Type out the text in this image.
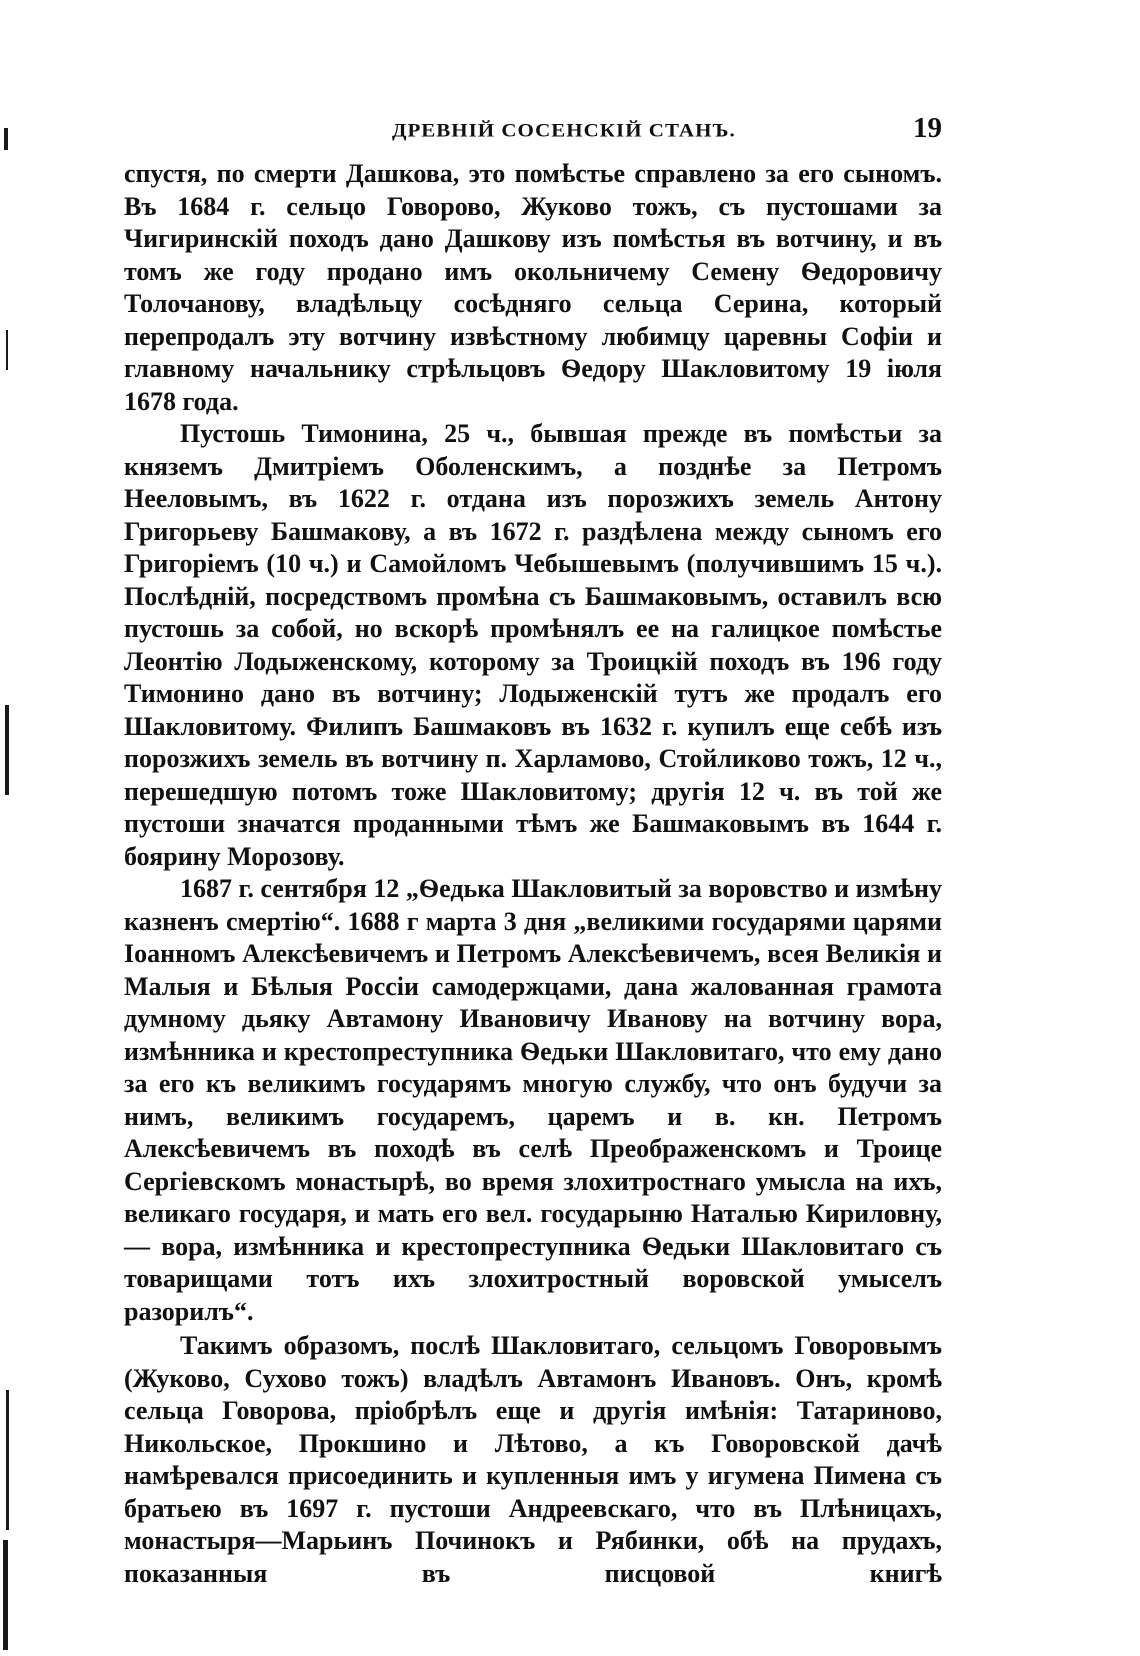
ДРЕВНІЙ СОСЕНСКІЙ СТАНЪ.	19

спустя, по смерти Дашкова, это помѣстье справлено за его сыномъ. Въ 1684 г. сельцо Говорово, Жуково тожъ, съ пустошами за Чигиринскій походъ дано Дашкову изъ помѣстья въ вотчину, и въ томъ же году продано имъ окольничему Семену Ѳедоровичу Толочанову, владѣльцу сосѣдняго сельца Серина, который перепродалъ эту вотчину извѣстному любимцу царевны Софіи и главному начальнику стрѣльцовъ Ѳедору Шакловитому 19 іюля 1678 года.

Пустошь Тимонина, 25 ч., бывшая прежде въ помѣстьи за княземъ Дмитріемъ Оболенскимъ, а позднѣе за Петромъ Нееловымъ, въ 1622 г. отдана изъ порозжихъ земель Антону Григорьеву Башмакову, а въ 1672 г. раздѣлена между сыномъ его Григоріемъ (10 ч.) и Самойломъ Чебышевымъ (получившимъ 15 ч.). Послѣдній, посредствомъ промѣна съ Башмаковымъ, оставилъ всю пустошь за собой, но вскорѣ промѣнялъ ее на галицкое помѣстье Леонтію Лодыженскому, которому за Троицкій походъ въ 196 году Тимонино дано въ вотчину; Лодыженскій тутъ же продалъ его Шакловитому. Филипъ Башмаковъ въ 1632 г. купилъ еще себѣ изъ порозжихъ земель въ вотчину п. Харламово, Стойликово тожъ, 12 ч., перешедшую потомъ тоже Шакловитому; другія 12 ч. въ той же пустоши значатся проданными тѣмъ же Башмаковымъ въ 1644 г. боярину Морозову.

1687 г. сентября 12 „Ѳедька Шакловитый за воровство и измѣну казненъ смертію“. 1688 г марта 3 дня „великими государями царями Іоанномъ Алексѣевичемъ и Петромъ Алексѣевичемъ, всея Великія и Малыя и Бѣлыя Россіи самодержцами, дана жалованная грамота думному дьяку Автамону Ивановичу Иванову на вотчину вора, измѣнника и крестопреступника Ѳедьки Шакловитаго, что ему дано за его къ великимъ государямъ многую службу, что онъ будучи за нимъ, великимъ государемъ, царемъ и в. кн. Петромъ Алексѣевичемъ въ походѣ въ селѣ Преображенскомъ и Троице Сергіевскомъ монастырѣ, во время злохитростнаго умысла на ихъ, великаго государя, и мать его вел. государыню Наталью Кириловну, — вора, измѣнника и крестопреступника Ѳедьки Шакловитаго съ товарищами тотъ ихъ злохитростный воровской умыселъ разорилъ“.

Такимъ образомъ, послѣ Шакловитаго, сельцомъ Говоровымъ (Жуково, Сухово тожъ) владѣлъ Автамонъ Ивановъ. Онъ, кромѣ сельца Говорова, пріобрѣлъ еще и другія имѣнія: Татариново, Никольское, Прокшино и Лѣтово, а къ Говоровской дачѣ намѣревался присоединить и купленныя имъ у игумена Пимена съ братьею въ 1697 г. пустоши Андреевскаго, что въ Плѣницахъ, монастыря—Марьинъ Починокъ и Рябинки, обѣ на прудахъ, показанныя въ писцовой книгѣ
